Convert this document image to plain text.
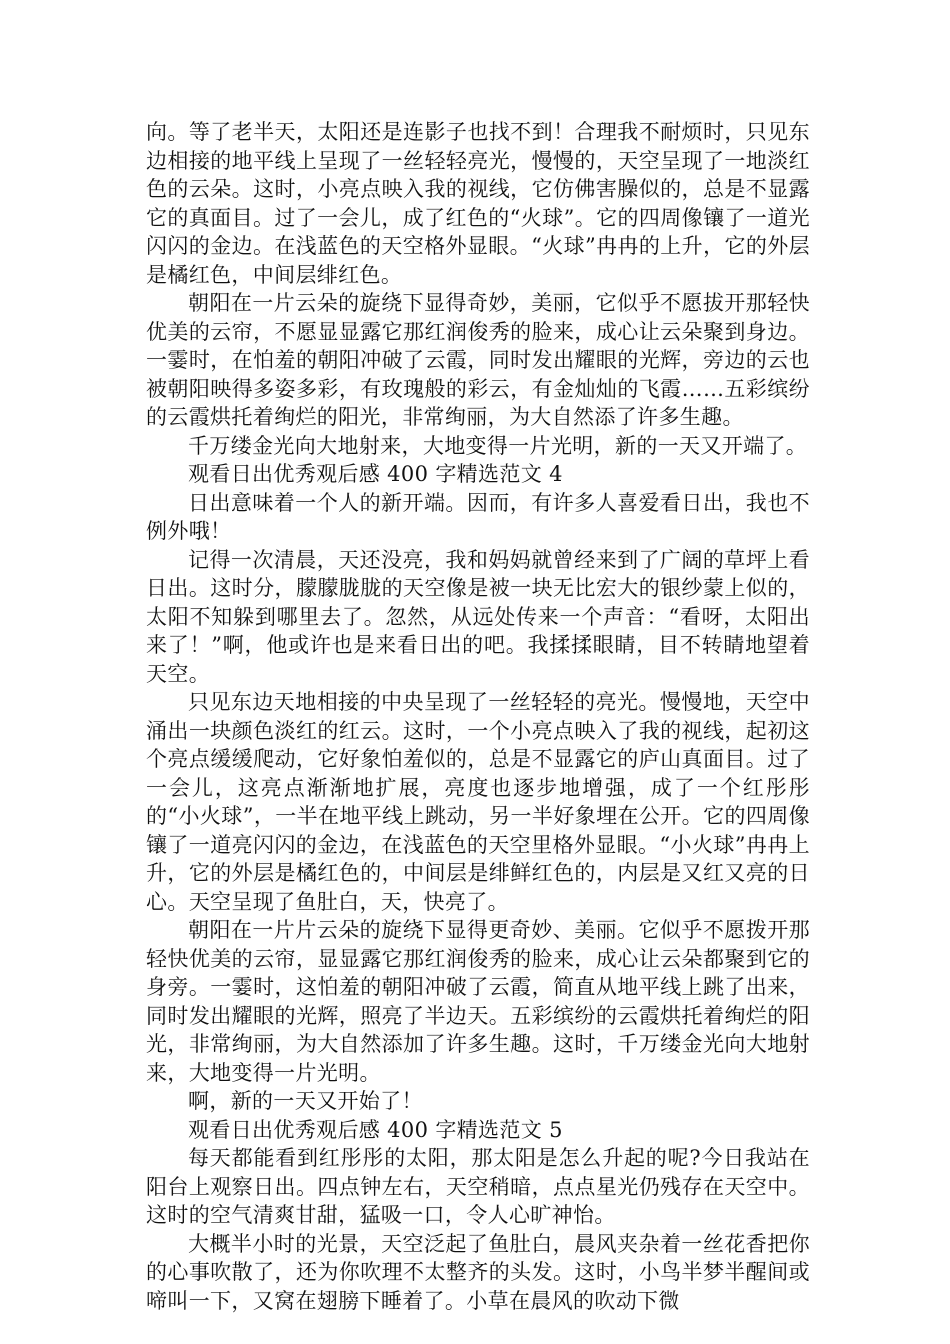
向。等了老半天，太阳还是连影子也找不到！合理我不耐烦时，只见东边相接的地平线上呈现了一丝轻轻亮光，慢慢的，天空呈现了一地淡红色的云朵。这时，小亮点映入我的视线，它仿佛害臊似的，总是不显露它的真面目。过了一会儿，成了红色的“火球”。它的四周像镶了一道光闪闪的金边。在浅蓝色的天空格外显眼。“火球”冉冉的上升，它的外层是橘红色，中间层绯红色。

朝阳在一片云朵的旋绕下显得奇妙，美丽，它似乎不愿拔开那轻快优美的云帘，不愿显显露它那红润俊秀的脸来，成心让云朵聚到身边。一霎时，在怕羞的朝阳冲破了云霞，同时发出耀眼的光辉，旁边的云也被朝阳映得多姿多彩，有玫瑰般的彩云，有金灿灿的飞霞……五彩缤纷的云霞烘托着绚烂的阳光，非常绚丽，为大自然添了许多生趣。

千万缕金光向大地射来，大地变得一片光明，新的一天又开端了。

观看日出优秀观后感 400 字精选范文 4

日出意味着一个人的新开端。因而，有许多人喜爱看日出，我也不例外哦！

记得一次清晨，天还没亮，我和妈妈就曾经来到了广阔的草坪上看日出。这时分，朦朦胧胧的天空像是被一块无比宏大的银纱蒙上似的，太阳不知躲到哪里去了。忽然，从远处传来一个声音：“看呀，太阳出来了！”啊，他或许也是来看日出的吧。我揉揉眼睛，目不转睛地望着天空。

只见东边天地相接的中央呈现了一丝轻轻的亮光。慢慢地，天空中涌出一块颜色淡红的红云。这时，一个小亮点映入了我的视线，起初这个亮点缓缓爬动，它好象怕羞似的，总是不显露它的庐山真面目。过了一会儿，这亮点渐渐地扩展，亮度也逐步地增强，成了一个红彤彤的“小火球”，一半在地平线上跳动，另一半好象埋在公开。它的四周像镶了一道亮闪闪的金边，在浅蓝色的天空里格外显眼。“小火球”冉冉上升，它的外层是橘红色的，中间层是绯鲜红色的，内层是又红又亮的日心。天空呈现了鱼肚白，天，快亮了。

朝阳在一片片云朵的旋绕下显得更奇妙、美丽。它似乎不愿拨开那轻快优美的云帘，显显露它那红润俊秀的脸来，成心让云朵都聚到它的身旁。一霎时，这怕羞的朝阳冲破了云霞，简直从地平线上跳了出来，同时发出耀眼的光辉，照亮了半边天。五彩缤纷的云霞烘托着绚烂的阳光，非常绚丽，为大自然添加了许多生趣。这时，千万缕金光向大地射来，大地变得一片光明。

啊，新的一天又开始了！

观看日出优秀观后感 400 字精选范文 5

每天都能看到红彤彤的太阳，那太阳是怎么升起的呢?今日我站在阳台上观察日出。四点钟左右，天空稍暗，点点星光仍残存在天空中。这时的空气清爽甘甜，猛吸一口，令人心旷神怡。

大概半小时的光景，天空泛起了鱼肚白，晨风夹杂着一丝花香把你的心事吹散了，还为你吹理不太整齐的头发。这时，小鸟半梦半醒间或啼叫一下，又窝在翅膀下睡着了。小草在晨风的吹动下微
